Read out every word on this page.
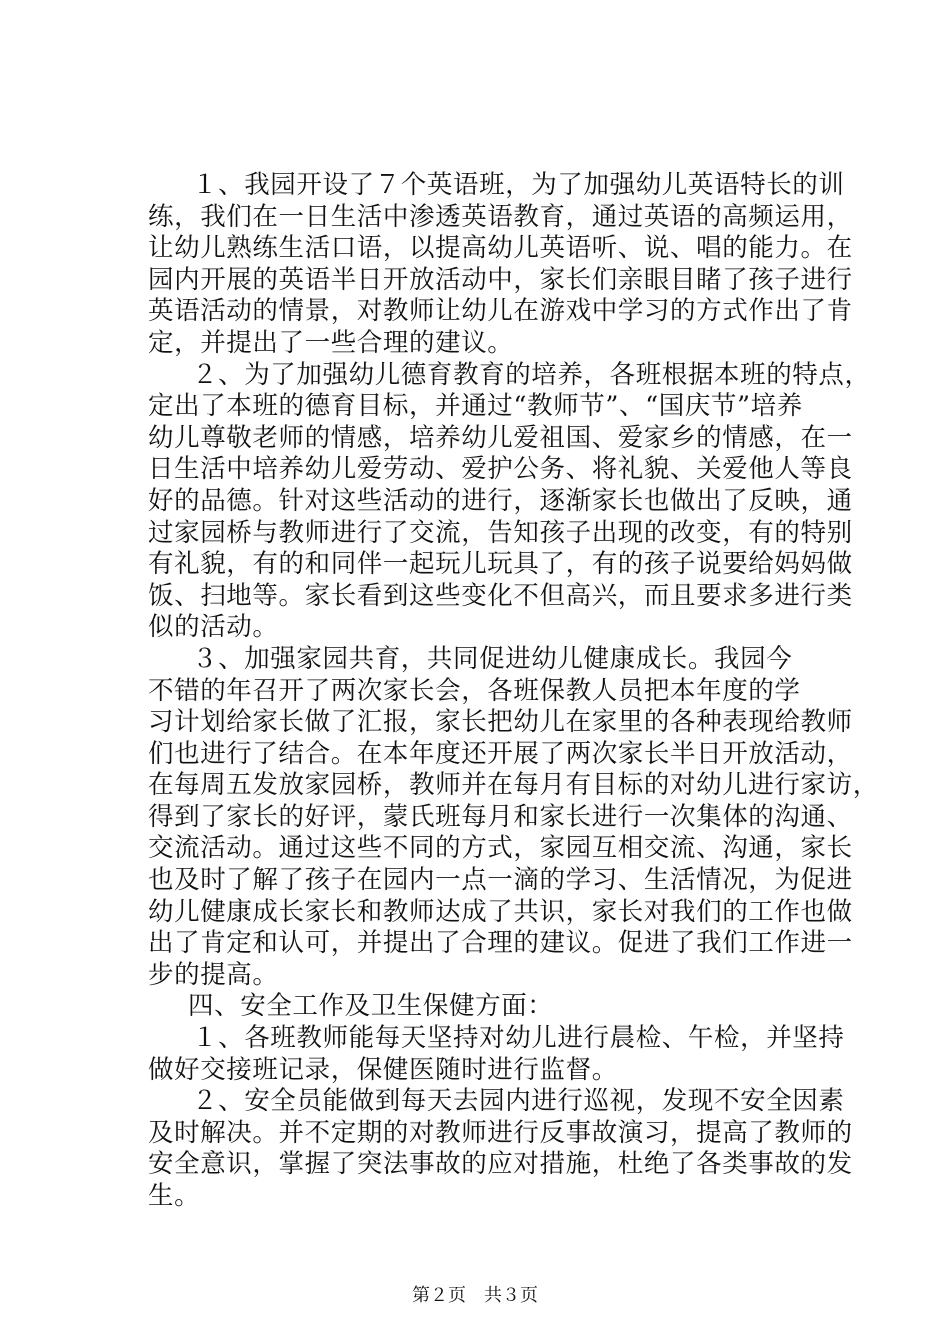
１、我园开设了７个英语班，为了加强幼儿英语特长的训
练，我们在一日生活中渗透英语教育，通过英语的高频运用，
让幼儿熟练生活口语，以提高幼儿英语听、说、唱的能力。在
园内开展的英语半日开放活动中，家长们亲眼目睹了孩子进行
英语活动的情景，对教师让幼儿在游戏中学习的方式作出了肯
定，并提出了一些合理的建议。
２、为了加强幼儿德育教育的培养，各班根据本班的特点，
定出了本班的德育目标，并通过“教师节”、“国庆节”培养
幼儿尊敬老师的情感，培养幼儿爱祖国、爱家乡的情感，在一
日生活中培养幼儿爱劳动、爱护公务、将礼貌、关爱他人等良
好的品德。针对这些活动的进行，逐渐家长也做出了反映，通
过家园桥与教师进行了交流，告知孩子出现的改变，有的特别
有礼貌，有的和同伴一起玩儿玩具了，有的孩子说要给妈妈做
饭、扫地等。家长看到这些变化不但高兴，而且要求多进行类
似的活动。
３、加强家园共育，共同促进幼儿健康成长。我园今
不错的年召开了两次家长会，各班保教人员把本年度的学
习计划给家长做了汇报，家长把幼儿在家里的各种表现给教师
们也进行了结合。在本年度还开展了两次家长半日开放活动，
在每周五发放家园桥，教师并在每月有目标的对幼儿进行家访，
得到了家长的好评，蒙氏班每月和家长进行一次集体的沟通、
交流活动。通过这些不同的方式，家园互相交流、沟通，家长
也及时了解了孩子在园内一点一滴的学习、生活情况，为促进
幼儿健康成长家长和教师达成了共识，家长对我们的工作也做
出了肯定和认可，并提出了合理的建议。促进了我们工作进一
步的提高。
四、安全工作及卫生保健方面：
１、各班教师能每天坚持对幼儿进行晨检、午检，并坚持
做好交接班记录，保健医随时进行监督。
２、安全员能做到每天去园内进行巡视，发现不安全因素
及时解决。并不定期的对教师进行反事故演习，提高了教师的
安全意识，掌握了突法事故的应对措施，杜绝了各类事故的发
生。
第２页　共３页
